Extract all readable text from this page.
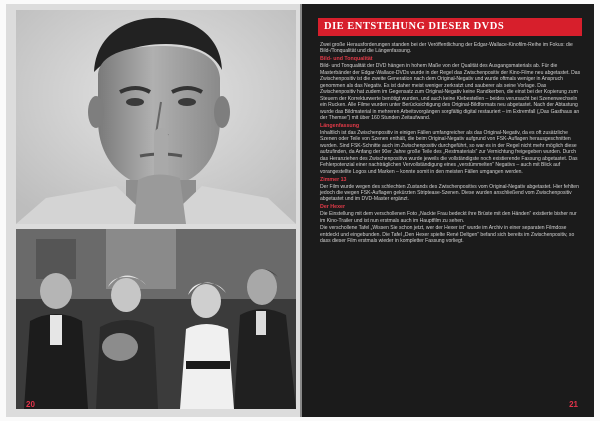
20
DIE ENTSTEHUNG DIESER DVDS

Zwei große Herausforderungen standen bei der Veröffentlichung der Edgar-Wallace-Kinofilm-Reihe im Fokus: die Bild-/Tonqualität und die Längenfassung.

Bild- und Tonqualität

Bild- und Tonqualität der DVD hängen in hohem Maße von der Qualität des Ausgangsmaterials ab. Für die Masterbänder der Edgar-Wallace-DVDs wurde in der Regel das Zwischenpositiv der Kino-Filme neu abgetastet. Das Zwischenpositiv ist die zweite Generation nach dem Original-Negativ und wurde oftmals weniger in Anspruch genommen als das Negativ. Es ist daher meist weniger zerkratzt und sauberer als seine Vorlage. Das Zwischenpositiv hat zudem im Gegensatz zum Original-Negativ keine Randkerben, die einst bei der Kopierung zum Steuern der Korrekturwerte benötigt wurden, und auch keine Klebestellen – beides verursacht bei Szenenwechseln ein Rucken. Alle Filme wurden unter Berücksichtigung des Original-Bildformats neu abgetastet. Nach der Abtastung wurde das Bildmaterial in mehreren Arbeitsvorgängen sorgfältig digital restauriert – im Extremfall („Das Gasthaus an der Themse“) mit über 160 Stunden Zeitaufwand.

Längenfassung

Inhaltlich ist das Zwischenpositiv in einigen Fällen umfangreicher als das Original-Negativ, da es oft zusätzliche Szenen oder Teile von Szenen enthält, die beim Original-Negativ aufgrund von FSK-Auflagen herausgeschnitten wurden. Sind FSK-Schnitte auch im Zwischenpositiv durchgeführt, so war es in der Regel nicht mehr möglich diese aufzufinden, da Anfang der 90er Jahre große Teile des „Restmaterials“ zur Vernichtung freigegeben wurden. Durch das Heranziehen des Zwischenpositivs wurde jeweils die vollständigste noch existierende Fassung abgetastet. Das Fehlerpotenzial einer nachträglichen Vervollständigung eines „verstümmelten“ Negativs – auch mit Blick auf vorangestellte Logos und Marken – konnte somit in den meisten Fällen umgangen werden.

Zimmer 13

Der Film wurde wegen des schlechten Zustands des Zwischenpositivs vom Original-Negativ abgetastet. Hier fehlten jedoch die wegen FSK-Auflagen gekürzten Striptease-Szenen. Diese wurden anschließend vom Zwischenpositiv abgetastet und im DVD-Master ergänzt.

Der Hexer

Die Einstellung mit dem verschollenen Foto „Nackte Frau bedeckt ihre Brüste mit den Händen“ existierte bisher nur im Kino-Trailer und ist nun erstmals auch im Hauptfilm zu sehen.

Die verschollene Tafel „Wissen Sie schon jetzt, wer der Hexer ist“ wurde im Archiv in einer separaten Filmdose entdeckt und eingebunden. Die Tafel „Den Hexer spielte René Deltgen“ befand sich bereits im Zwischenpositiv, so dass dieser Film erstmals wieder in kompletter Fassung vorliegt.

21
